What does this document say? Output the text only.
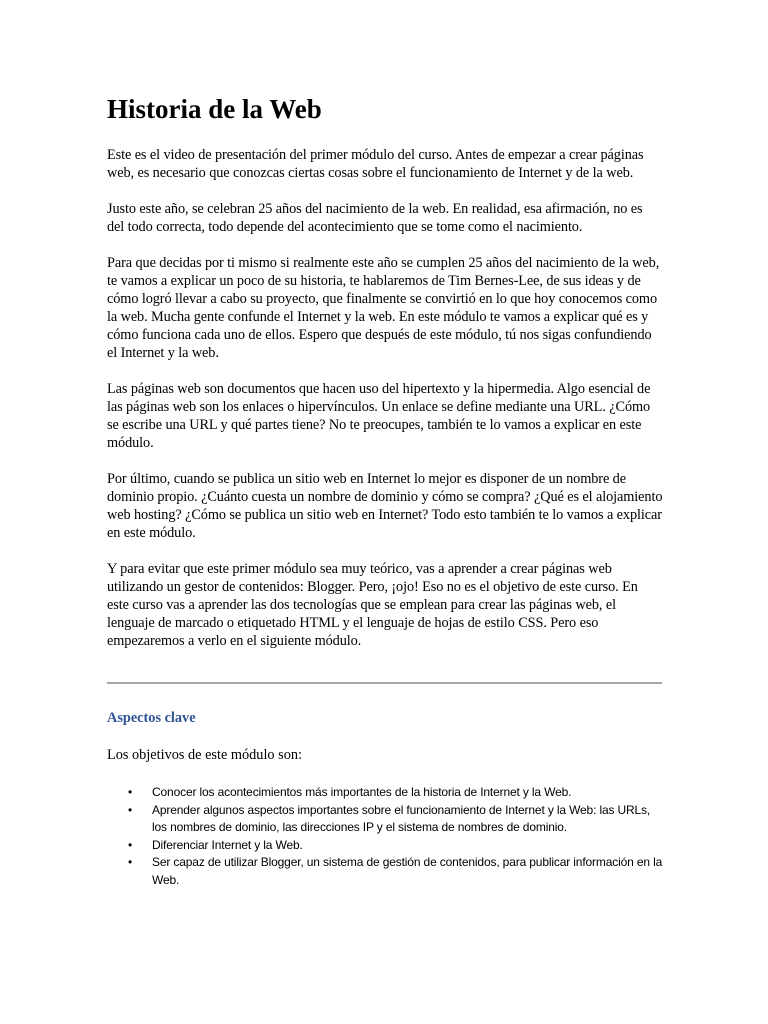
Historia de la Web

Este es el video de presentación del primer módulo del curso. Antes de empezar a crear páginas web, es necesario que conozcas ciertas cosas sobre el funcionamiento de Internet y de la web.

Justo este año, se celebran 25 años del nacimiento de la web. En realidad, esa afirmación, no es del todo correcta, todo depende del acontecimiento que se tome como el nacimiento.

Para que decidas por ti mismo si realmente este año se cumplen 25 años del nacimiento de la web, te vamos a explicar un poco de su historia, te hablaremos de Tim Bernes-Lee, de sus ideas y de cómo logró llevar a cabo su proyecto, que finalmente se convirtió en lo que hoy conocemos como la web. Mucha gente confunde el Internet y la web. En este módulo te vamos a explicar qué es y cómo funciona cada uno de ellos. Espero que después de este módulo, tú nos sigas confundiendo el Internet y la web.

Las páginas web son documentos que hacen uso del hipertexto y la hipermedia. Algo esencial de las páginas web son los enlaces o hipervínculos. Un enlace se define mediante una URL. ¿Cómo se escribe una URL y qué partes tiene? No te preocupes, también te lo vamos a explicar en este módulo.

Por último, cuando se publica un sitio web en Internet lo mejor es disponer de un nombre de dominio propio. ¿Cuánto cuesta un nombre de dominio y cómo se compra? ¿Qué es el alojamiento web hosting? ¿Cómo se publica un sitio web en Internet? Todo esto también te lo vamos a explicar en este módulo.

Y para evitar que este primer módulo sea muy teórico, vas a aprender a crear páginas web utilizando un gestor de contenidos: Blogger. Pero, ¡ojo! Eso no es el objetivo de este curso. En este curso vas a aprender las dos tecnologías que se emplean para crear las páginas web, el lenguaje de marcado o etiquetado HTML y el lenguaje de hojas de estilo CSS. Pero eso empezaremos a verlo en el siguiente módulo.

Aspectos clave

Los objetivos de este módulo son:

• Conocer los acontecimientos más importantes de la historia de Internet y la Web.
• Aprender algunos aspectos importantes sobre el funcionamiento de Internet y la Web: las URLs, los nombres de dominio, las direcciones IP y el sistema de nombres de dominio.
• Diferenciar Internet y la Web.
• Ser capaz de utilizar Blogger, un sistema de gestión de contenidos, para publicar información en la Web.
